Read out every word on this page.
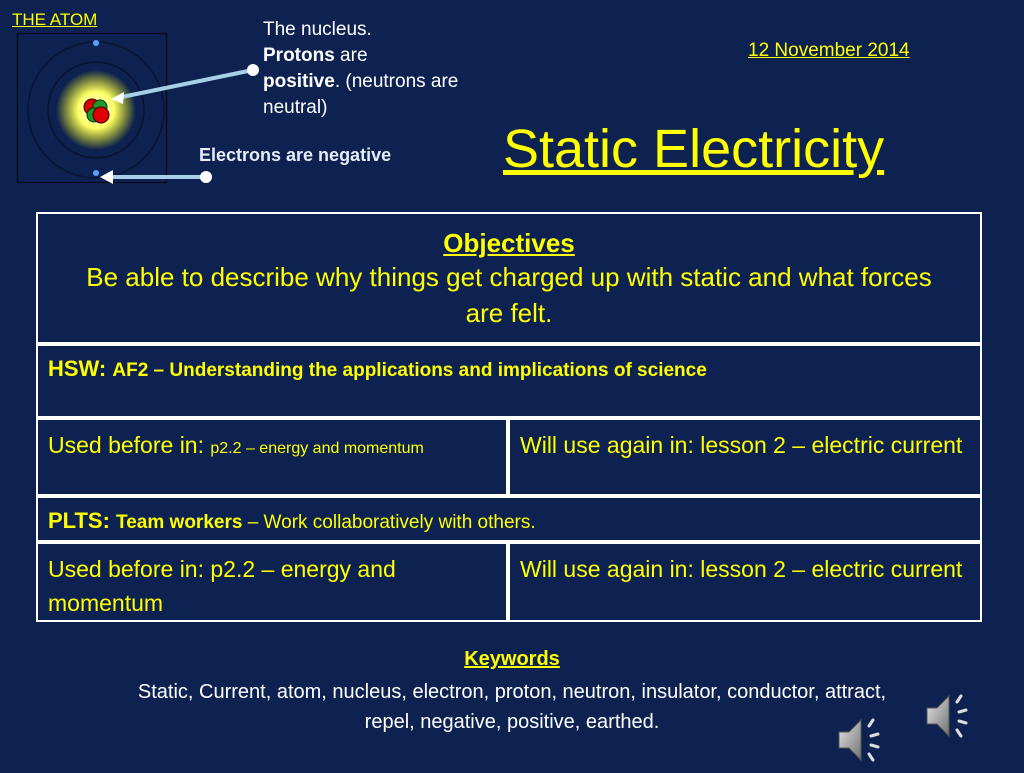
THE ATOM	The nucleus.
Protons are
positive. (neutrons are neutral)
Electrons are negative
12 November 2014
Static Electricity
Objectives
Be able to describe why things get charged up with static and what forces are felt.
HSW: AF2 – Understanding the applications and implications of science
Used before in: p2.2 – energy and momentum	Will use again in: lesson 2 – electric current
PLTS: Team workers – Work collaboratively with others.
Used before in: p2.2 – energy and momentum
Will use again in: lesson 2 – electric current
Keywords
Static, Current, atom, nucleus, electron, proton, neutron, insulator, conductor, attract, repel, negative, positive, earthed.
